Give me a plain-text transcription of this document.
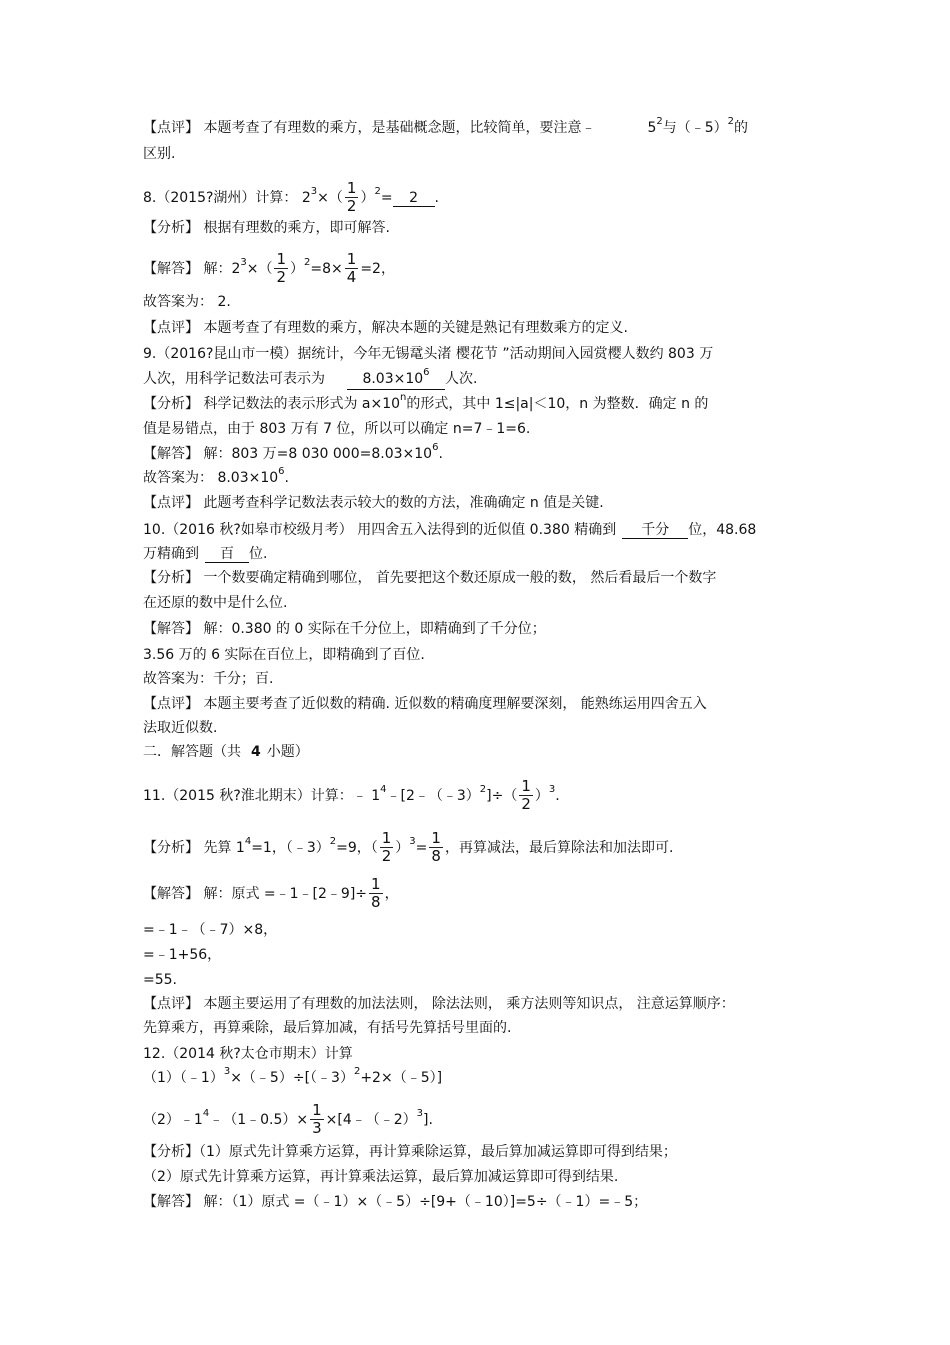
【点评】 本题考查了有理数的乘方，是基础概念题，比较简单，要注意﹣	52与（﹣5）2的
区别.
8.（2015?湖州）计算： $23\times( \frac{1}{2} )2= 2$ .
【分析】 根据有理数的乘方，即可解答.
【解答】 解：$23\times( \frac{1}{2} )2=8\times \frac{1}{4} =2$，
故答案为： 2.
【点评】 本题考查了有理数的乘方，解决本题的关键是熟记有理数乘方的定义.
9.（2016?昆山市一模）据统计，今年无锡鼋头渚 樱花节 ”活动期间入园赏樱人数约 803 万
人次，用科学记数法可表示为	8.03×106 人次.
【分析】 科学记数法的表示形式为 a×10n的形式，其中 1≤|a|＜10，n 为整数．确定 n 的
值是易错点，由于 803 万有 7 位，所以可以确定 n=7﹣1=6.
【解答】 解：803 万=8 030 000=8.03×106.
故答案为： 8.03×106.
【点评】 此题考查科学记数法表示较大的数的方法，准确确定 n 值是关键.
10.（2016 秋?如皋市校级月考） 用四舍五入法得到的近似值 0.380 精确到 千分 位，48.68
万精确到 百 位.
【分析】 一个数要确定精确到哪位， 首先要把这个数还原成一般的数， 然后看最后一个数字
在还原的数中是什么位.
【解答】 解：0.380 的 0 实际在千分位上，即精确到了千分位；
3.56 万的 6 实际在百位上，即精确到了百位.
故答案为：千分；百.
【点评】 本题主要考查了近似数的精确. 近似数的精确度理解要深刻， 能熟练运用四舍五入
法取近似数.
二．解答题（共 4 小题）
11.（2015 秋?淮北期末）计算：﹣ 14﹣[2﹣（﹣3）2]÷（ $\frac{1}{2} )3$.
【分析】 先算 14=1，（﹣3）2=9，（ $\frac{1}{2} )3= \frac{1}{8}$ ，再算减法，最后算除法和加法即可.
【解答】 解：原式 =﹣1﹣[2﹣9]÷ $\frac{1}{8}$ ，
=﹣1﹣（﹣7）×8，
=﹣1+56，
=55.
【点评】 本题主要运用了有理数的加法法则， 除法法则， 乘方法则等知识点， 注意运算顺序：
先算乘方，再算乘除，最后算加减，有括号先算括号里面的.
12.（2014 秋?太仓市期末）计算
（1）（﹣1）3×（﹣5）÷[（﹣3）2+2×（﹣5）]
（2）﹣14﹣（1﹣0.5）× $\frac{1}{3}$ ×[4﹣（﹣2）3].
【分析】（1）原式先计算乘方运算，再计算乘除运算，最后算加减运算即可得到结果；
（2）原式先计算乘方运算，再计算乘法运算，最后算加减运算即可得到结果.
【解答】 解：（1）原式 =（﹣1）×（﹣5）÷[9+（﹣10）]=5÷（﹣1）=﹣5；
